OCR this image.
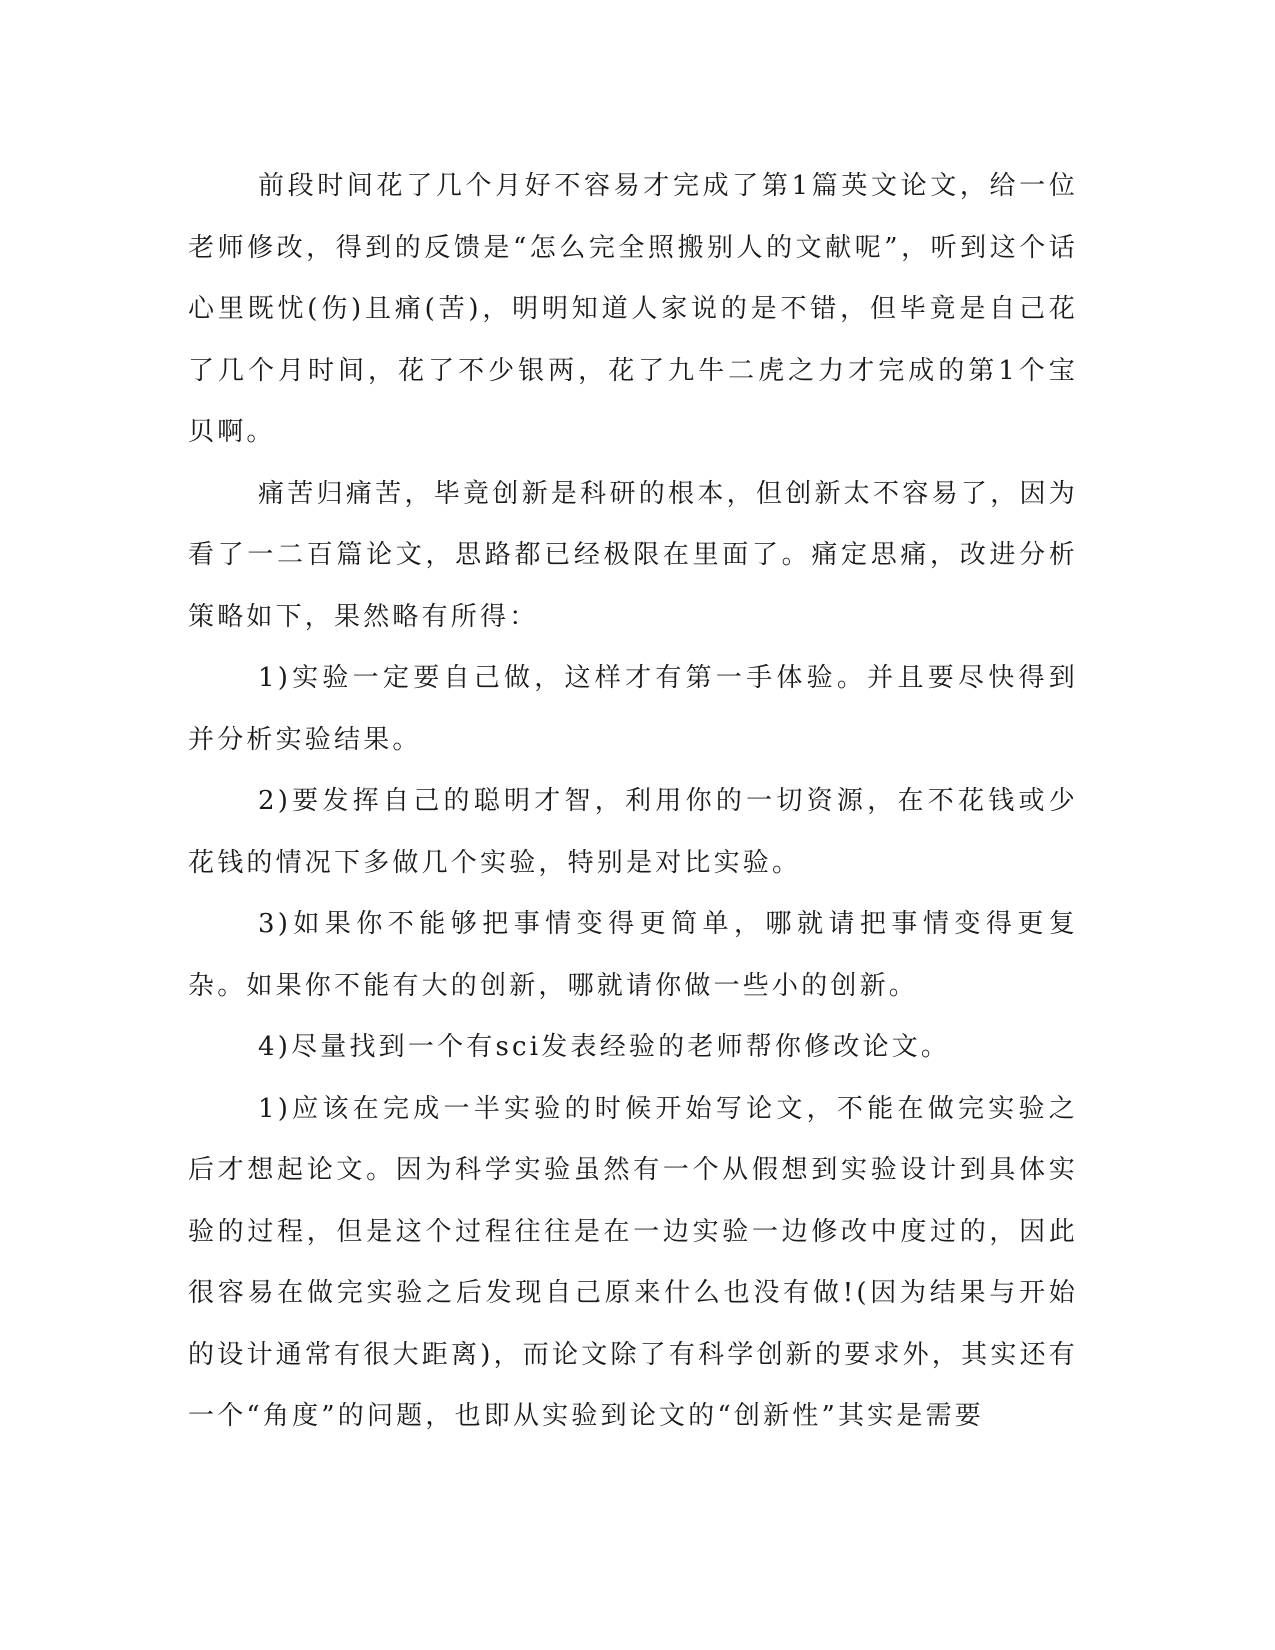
前段时间花了几个月好不容易才完成了第1篇英文论文，给一位老师修改，得到的反馈是“怎么完全照搬别人的文献呢”，听到这个话心里既忧(伤)且痛(苦)，明明知道人家说的是不错，但毕竟是自己花了几个月时间，花了不少银两，花了九牛二虎之力才完成的第1个宝贝啊。

痛苦归痛苦，毕竟创新是科研的根本，但创新太不容易了，因为看了一二百篇论文，思路都已经极限在里面了。痛定思痛，改进分析策略如下，果然略有所得：

1)实验一定要自己做，这样才有第一手体验。并且要尽快得到并分析实验结果。

2)要发挥自己的聪明才智，利用你的一切资源，在不花钱或少花钱的情况下多做几个实验，特别是对比实验。

3)如果你不能够把事情变得更简单，哪就请把事情变得更复杂。如果你不能有大的创新，哪就请你做一些小的创新。

4)尽量找到一个有sci发表经验的老师帮你修改论文。

1)应该在完成一半实验的时候开始写论文，不能在做完实验之后才想起论文。因为科学实验虽然有一个从假想到实验设计到具体实验的过程，但是这个过程往往是在一边实验一边修改中度过的，因此很容易在做完实验之后发现自己原来什么也没有做!(因为结果与开始的设计通常有很大距离)，而论文除了有科学创新的要求外，其实还有一个“角度”的问题，也即从实验到论文的“创新性”其实是需要
